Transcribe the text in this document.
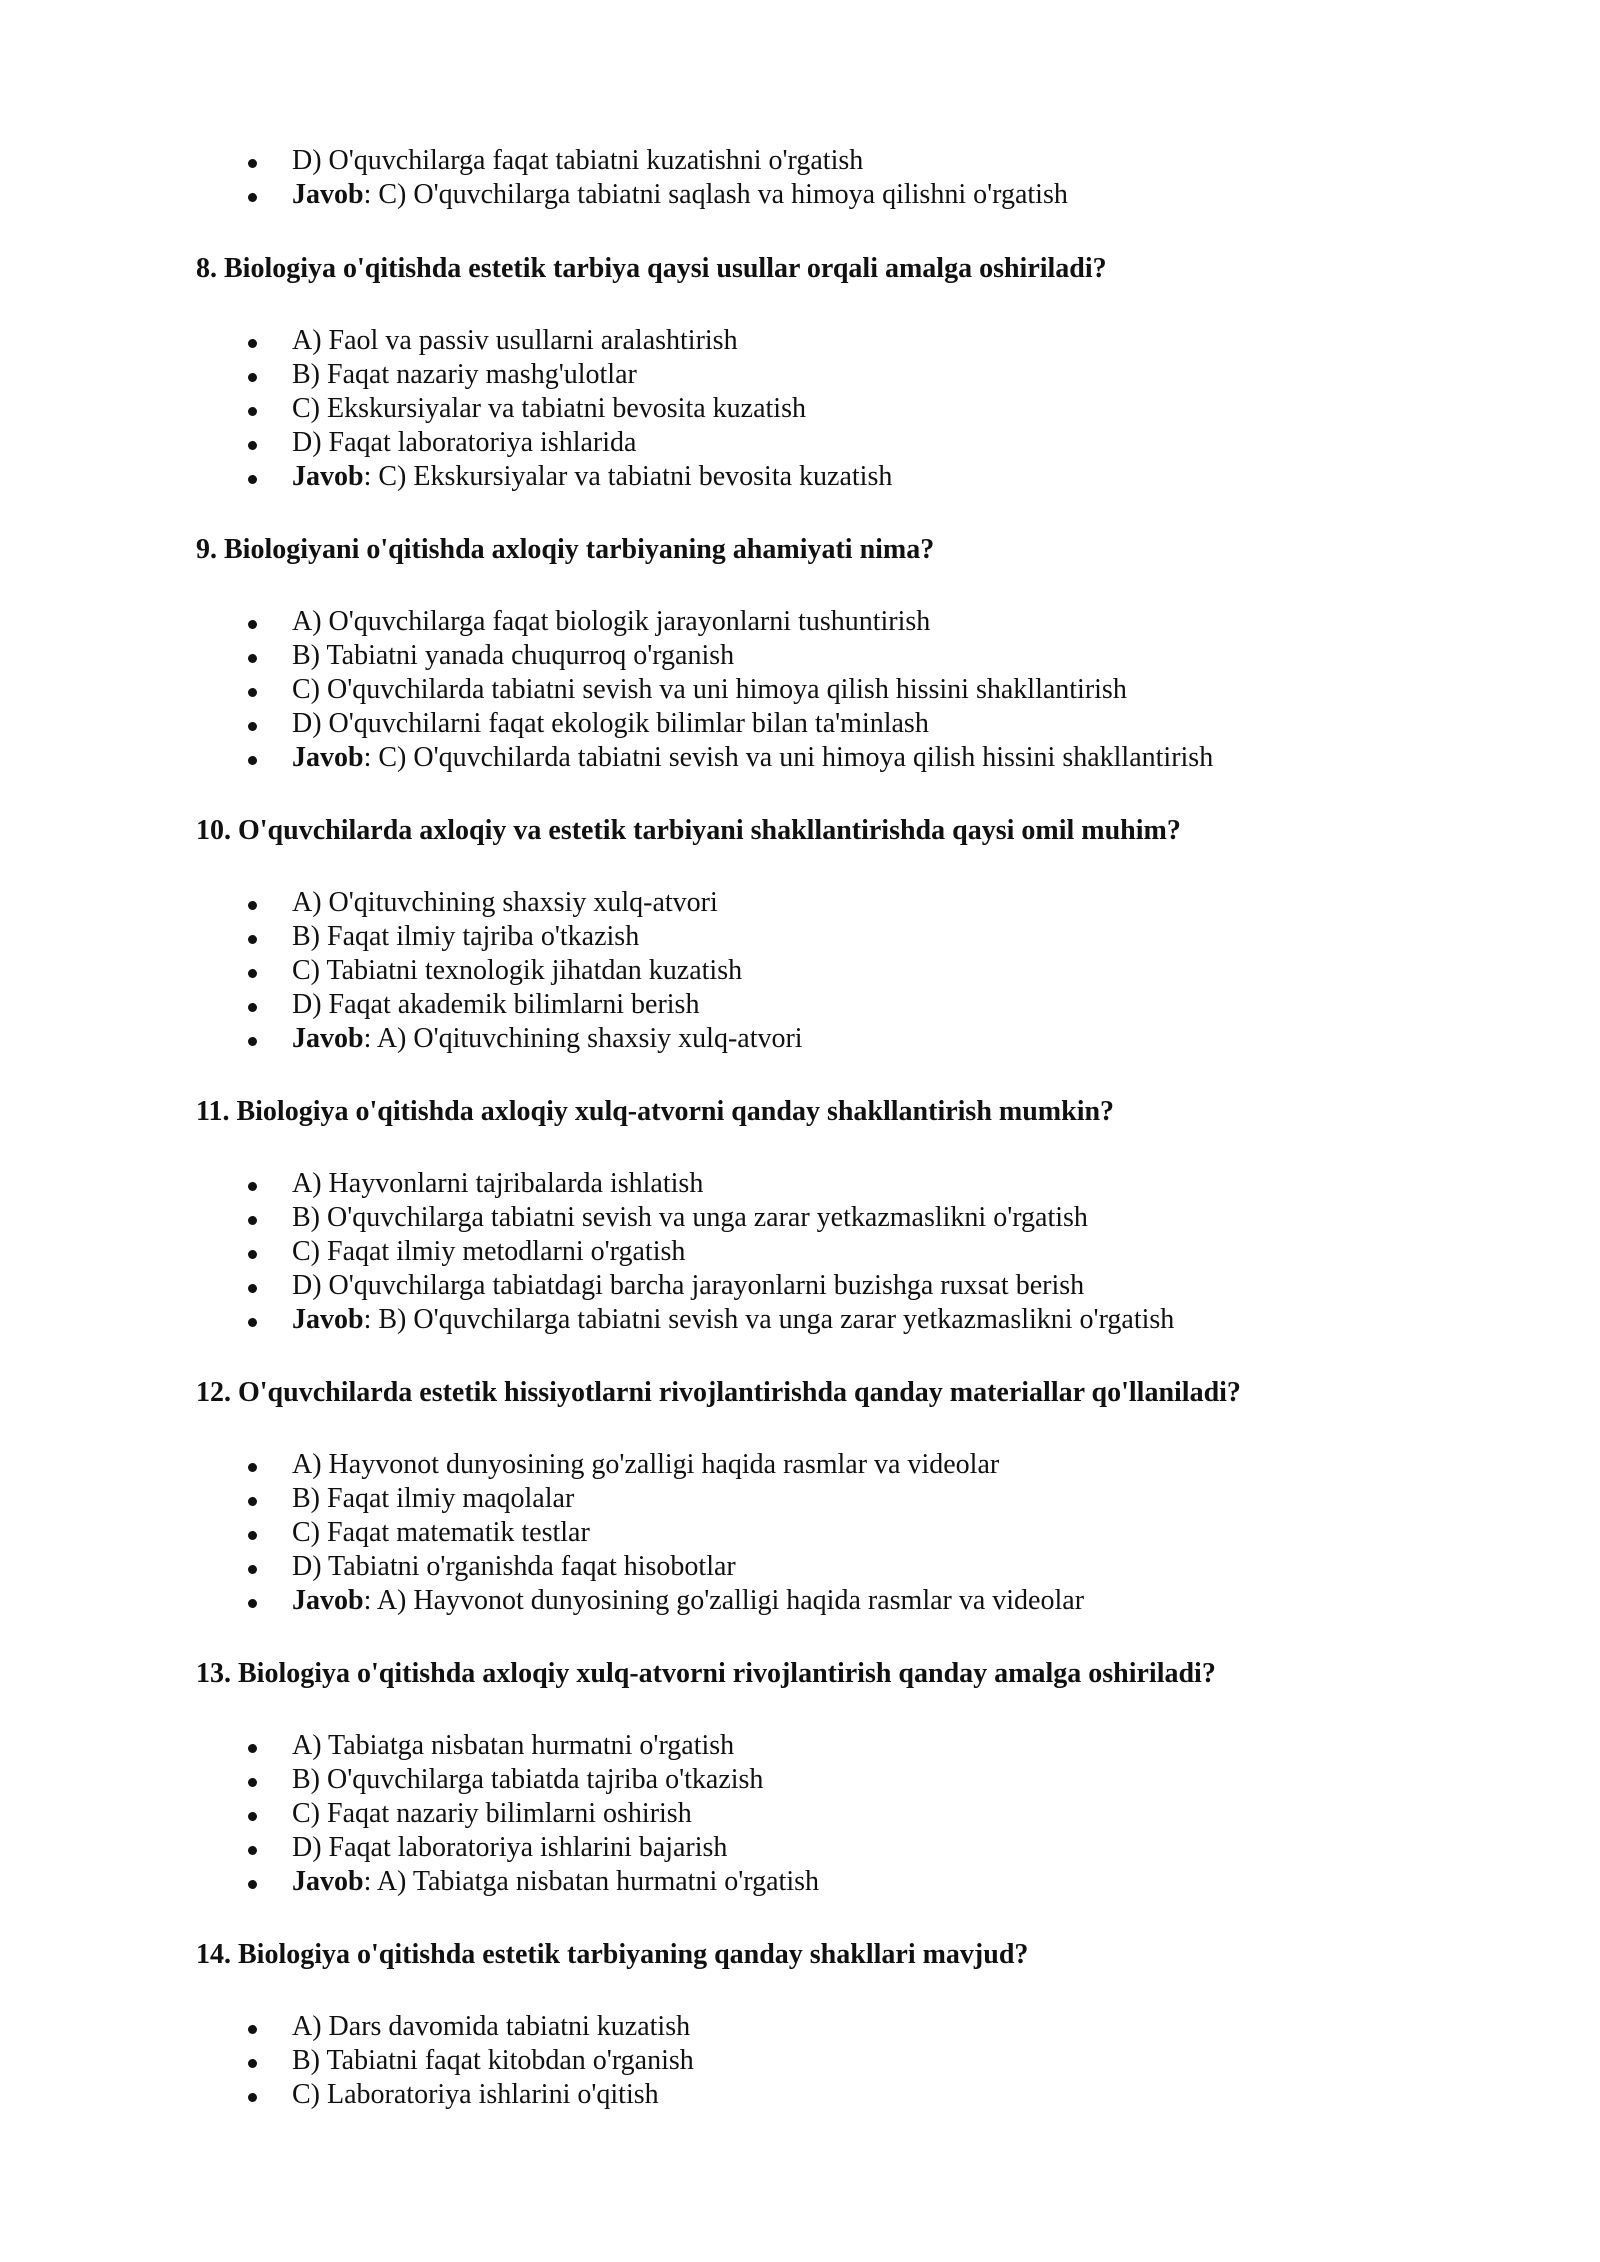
D) O'quvchilarga faqat tabiatni kuzatishni o'rgatish
Javob: C) O'quvchilarga tabiatni saqlash va himoya qilishni o'rgatish
8. Biologiya o'qitishda estetik tarbiya qaysi usullar orqali amalga oshiriladi?
A) Faol va passiv usullarni aralashtirish
B) Faqat nazariy mashg'ulotlar
C) Ekskursiyalar va tabiatni bevosita kuzatish
D) Faqat laboratoriya ishlarida
Javob: C) Ekskursiyalar va tabiatni bevosita kuzatish
9. Biologiyani o'qitishda axloqiy tarbiyaning ahamiyati nima?
A) O'quvchilarga faqat biologik jarayonlarni tushuntirish
B) Tabiatni yanada chuqurroq o'rganish
C) O'quvchilarda tabiatni sevish va uni himoya qilish hissini shakllantirish
D) O'quvchilarni faqat ekologik bilimlar bilan ta'minlash
Javob: C) O'quvchilarda tabiatni sevish va uni himoya qilish hissini shakllantirish
10. O'quvchilarda axloqiy va estetik tarbiyani shakllantirishda qaysi omil muhim?
A) O'qituvchining shaxsiy xulq-atvori
B) Faqat ilmiy tajriba o'tkazish
C) Tabiatni texnologik jihatdan kuzatish
D) Faqat akademik bilimlarni berish
Javob: A) O'qituvchining shaxsiy xulq-atvori
11. Biologiya o'qitishda axloqiy xulq-atvorni qanday shakllantirish mumkin?
A) Hayvonlarni tajribalarda ishlatish
B) O'quvchilarga tabiatni sevish va unga zarar yetkazmaslikni o'rgatish
C) Faqat ilmiy metodlarni o'rgatish
D) O'quvchilarga tabiatdagi barcha jarayonlarni buzishga ruxsat berish
Javob: B) O'quvchilarga tabiatni sevish va unga zarar yetkazmaslikni o'rgatish
12. O'quvchilarda estetik hissiyotlarni rivojlantirishda qanday materiallar qo'llaniladi?
A) Hayvonot dunyosining go'zalligi haqida rasmlar va videolar
B) Faqat ilmiy maqolalar
C) Faqat matematik testlar
D) Tabiatni o'rganishda faqat hisobotlar
Javob: A) Hayvonot dunyosining go'zalligi haqida rasmlar va videolar
13. Biologiya o'qitishda axloqiy xulq-atvorni rivojlantirish qanday amalga oshiriladi?
A) Tabiatga nisbatan hurmatni o'rgatish
B) O'quvchilarga tabiatda tajriba o'tkazish
C) Faqat nazariy bilimlarni oshirish
D) Faqat laboratoriya ishlarini bajarish
Javob: A) Tabiatga nisbatan hurmatni o'rgatish
14. Biologiya o'qitishda estetik tarbiyaning qanday shakllari mavjud?
A) Dars davomida tabiatni kuzatish
B) Tabiatni faqat kitobdan o'rganish
C) Laboratoriya ishlarini o'qitish
